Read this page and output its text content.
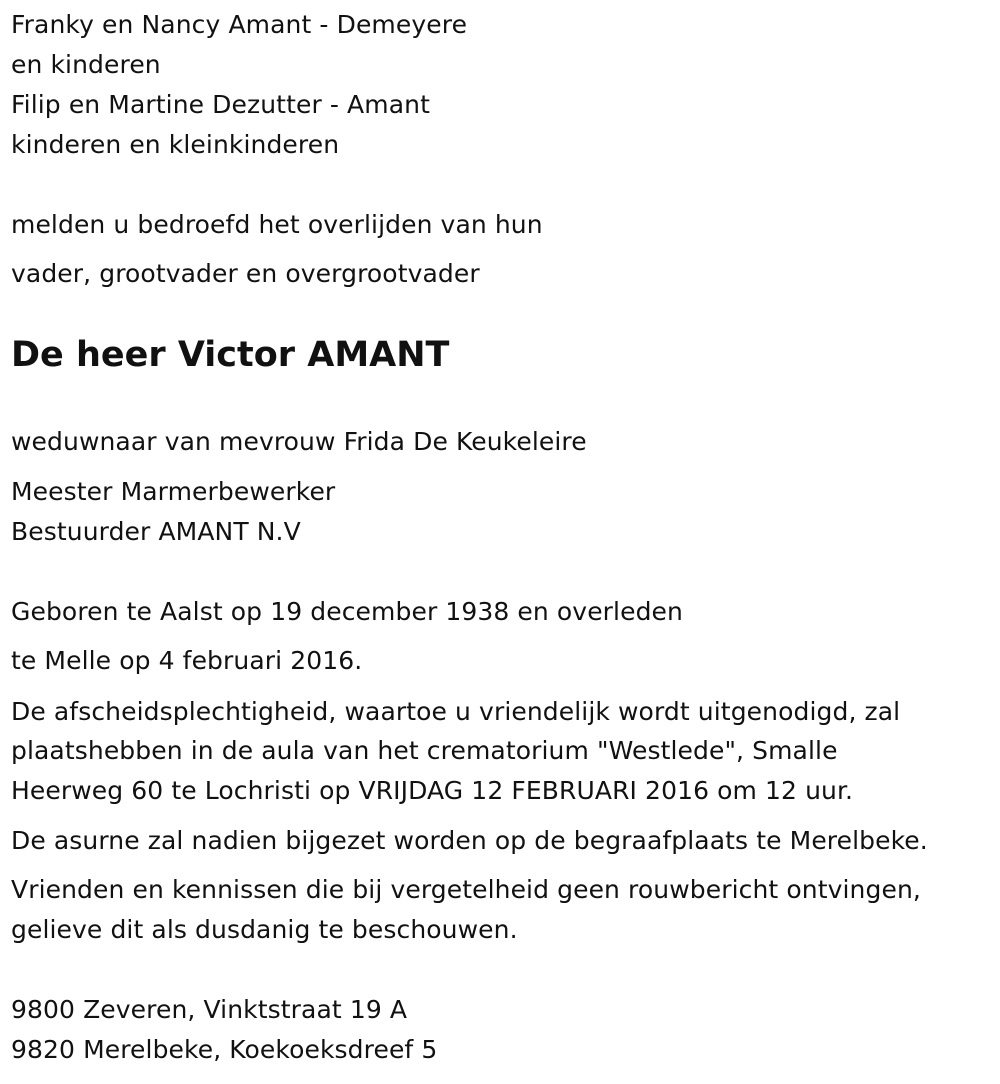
Franky en Nancy Amant - Demeyere
en kinderen
Filip en Martine Dezutter - Amant
kinderen en kleinkinderen
melden u bedroefd het overlijden van hun
vader, grootvader en overgrootvader
De heer Victor AMANT
weduwnaar van mevrouw Frida De Keukeleire
Meester Marmerbewerker
Bestuurder AMANT N.V
Geboren te Aalst op 19 december 1938 en overleden
te Melle op 4 februari 2016.
De afscheidsplechtigheid, waartoe u vriendelijk wordt uitgenodigd, zal
plaatshebben in de aula van het crematorium "Westlede", Smalle
Heerweg 60 te Lochristi op VRIJDAG 12 FEBRUARI 2016 om 12 uur.
De asurne zal nadien bijgezet worden op de begraafplaats te Merelbeke.
Vrienden en kennissen die bij vergetelheid geen rouwbericht ontvingen,
gelieve dit als dusdanig te beschouwen.
9800 Zeveren, Vinktstraat 19 A
9820 Merelbeke, Koekoeksdreef 5
